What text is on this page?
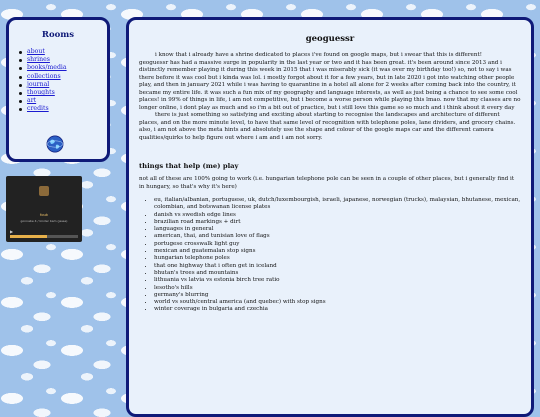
Rooms
about
shrines
books/media
collections
journal
thoughts
art
credits
fouk
gonnabe 4 / kinder bam (jesse)
▶
geoguessr

i know that i already have a shrine dedicated to places i've found on google maps, but i swear that this is different!

geoguessr has had a massive surge in popularity in the last year or two and it has been great. it's been around since 2013 and i distinctly remember playing it during this week in 2015 that i was miserably sick (it was over my birthday too!) so, not to say i was there before it was cool but i kinda was lol. i mostly forgot about it for a few years, but in late 2020 i got into watching other people play, and then in january 2021 while i was having to quarantine in a hotel all alone for 2 weeks after coming back into the country, it became my entire life. it was such a fun mix of my geography and language interests, as well as just being a chance to see some cool places! in 99% of things in life, i am not competitive, but i become a worse person while playing this lmao. now that my classes are no longer online, i dont play as much and so i'm a bit out of practice, but i still love this game so so much and i think about it every day

there is just something so satisfying and exciting about starting to recognise the landscapes and architecture of different places, and on the more minute level, to have that same level of recognition with telephone poles, lane dividers, and grocery chains. also, i am not above the meta hints and absolutely use the shape and colour of the google maps car and the different camera qualities/quirks to help figure out where i am and i am not sorry.

things that help (me) play

not all of these are 100% going to work (i.e. hungarian telephone pole can be seen in a couple of other places, but i generally find it in hungary, so that's why it's here)

• eu, italian/albanian, portuguese, uk, dutch/luxembourgish, israeli, japanese, norwegian (trucks), malaysian, bhutanese, mexican, colombian, and botswanan license plates
• danish vs swedish edge lines
• brazilian road markings + dirt
• languages in general
• american, thai, and tunisian love of flags
• portugese crosswalk light guy
• mexican and guatemalan stop signs
• hungarian telephone poles
• that one highway that i often get in iceland
• bhutan's trees and mountains
• lithuania vs latvia vs estonia birch tree ratio
• lesotho's hills
• germany's blurring
• world vs south/central america (and quebec) with stop signs
• winter coverage in bulgaria and czechia
